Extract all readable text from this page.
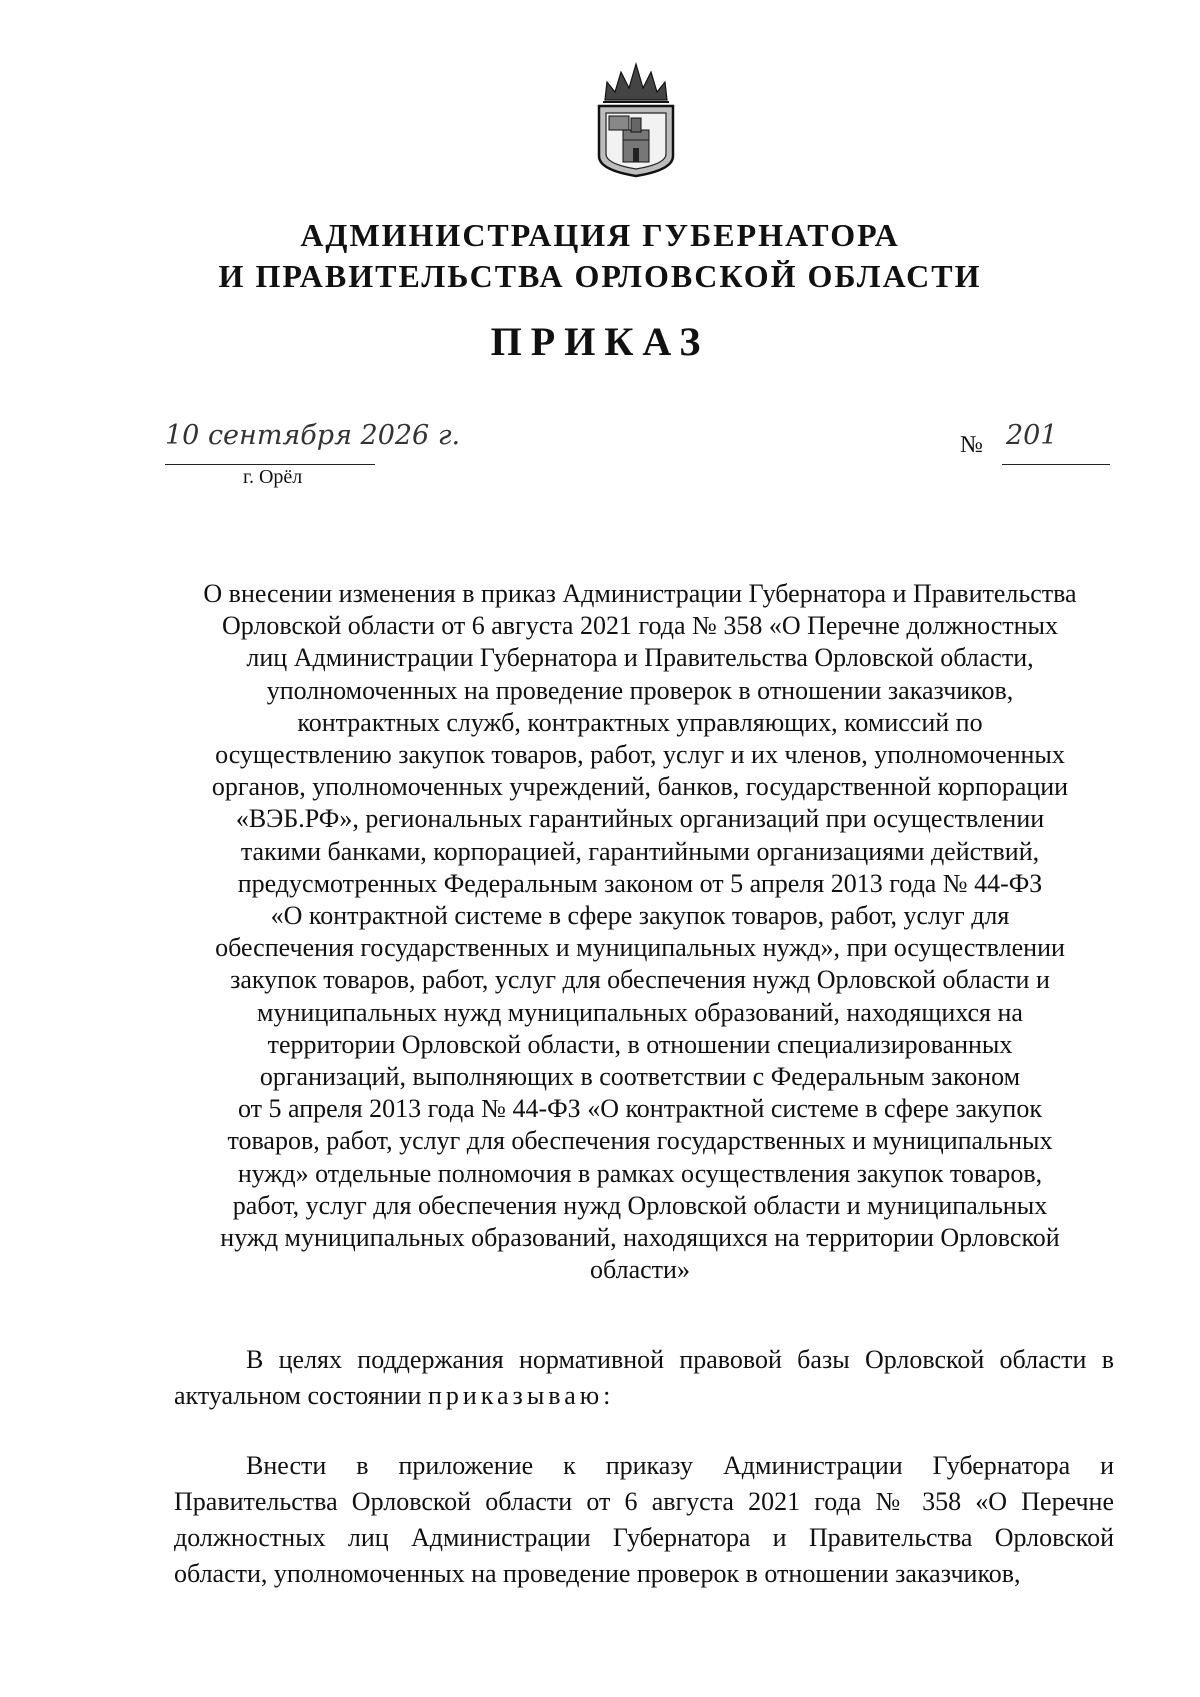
АДМИНИСТРАЦИЯ ГУБЕРНАТОРА
И ПРАВИТЕЛЬСТВА ОРЛОВСКОЙ ОБЛАСТИ
ПРИКАЗ
10 сентября 2026 г.
г. Орёл
№ 201
О внесении изменения в приказ Администрации Губернатора и Правительства
Орловской области от 6 августа 2021 года № 358 «О Перечне должностных
лиц Администрации Губернатора и Правительства Орловской области,
уполномоченных на проведение проверок в отношении заказчиков,
контрактных служб, контрактных управляющих, комиссий по
осуществлению закупок товаров, работ, услуг и их членов, уполномоченных
органов, уполномоченных учреждений, банков, государственной корпорации
«ВЭБ.РФ», региональных гарантийных организаций при осуществлении
такими банками, корпорацией, гарантийными организациями действий,
предусмотренных Федеральным законом от 5 апреля 2013 года № 44-ФЗ
«О контрактной системе в сфере закупок товаров, работ, услуг для
обеспечения государственных и муниципальных нужд», при осуществлении
закупок товаров, работ, услуг для обеспечения нужд Орловской области и
муниципальных нужд муниципальных образований, находящихся на
территории Орловской области, в отношении специализированных
организаций, выполняющих в соответствии с Федеральным законом
от 5 апреля 2013 года № 44-ФЗ «О контрактной системе в сфере закупок
товаров, работ, услуг для обеспечения государственных и муниципальных
нужд» отдельные полномочия в рамках осуществления закупок товаров,
работ, услуг для обеспечения нужд Орловской области и муниципальных
нужд муниципальных образований, находящихся на территории Орловской
области»
В целях поддержания нормативной правовой базы Орловской области в актуальном состоянии приказываю:
Внести в приложение к приказу Администрации Губернатора и Правительства Орловской области от 6 августа 2021 года № 358 «О Перечне должностных лиц Администрации Губернатора и Правительства Орловской области, уполномоченных на проведение проверок в отношении заказчиков,
